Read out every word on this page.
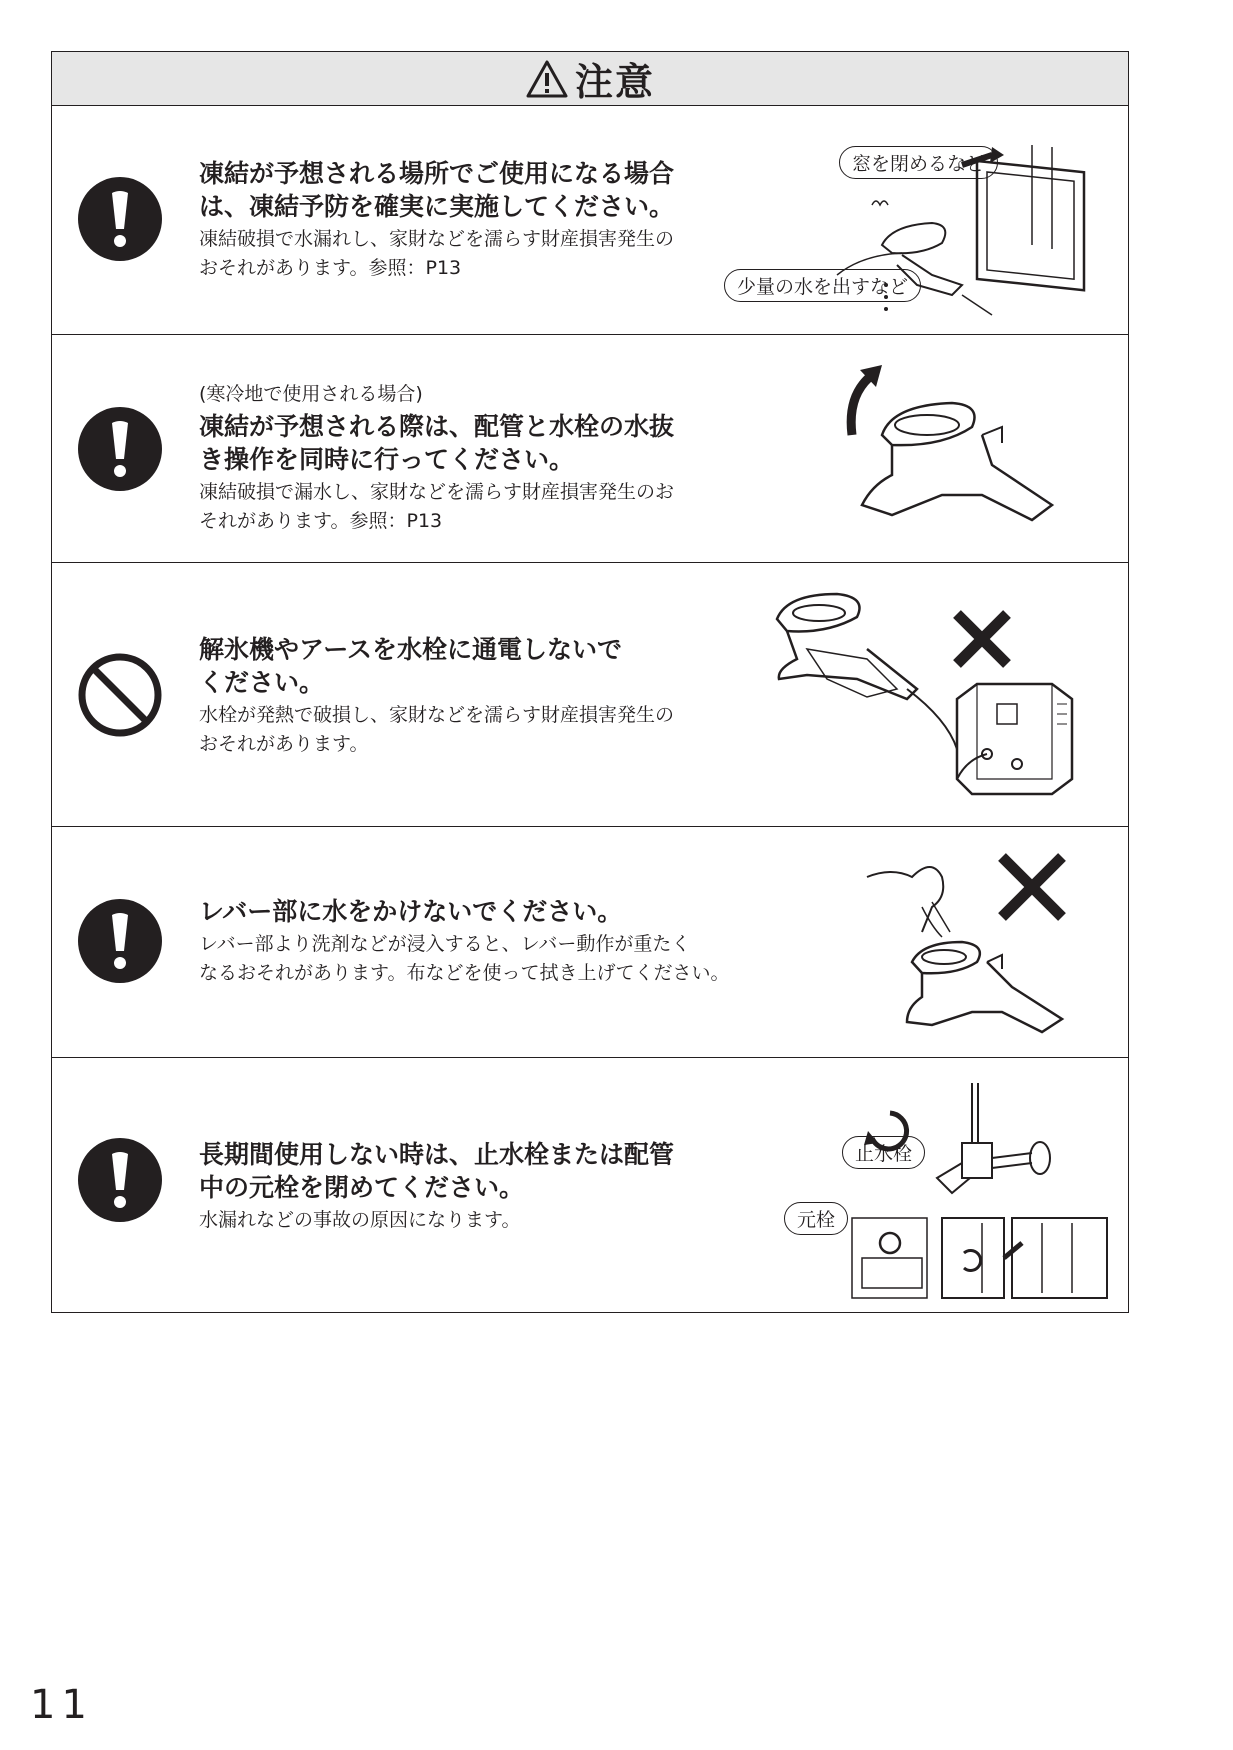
注意
凍結が予想される場所でご使用になる場合
は、凍結予防を確実に実施してください。
凍結破損で水漏れし、家財などを濡らす財産損害発生の
おそれがあります。参照：P13
窓を閉めるなど
少量の水を出すなど
(寒冷地で使用される場合)
凍結が予想される際は、配管と水栓の水抜
き操作を同時に行ってください。
凍結破損で漏水し、家財などを濡らす財産損害発生のお
それがあります。参照：P13
解氷機やアースを水栓に通電しないで
ください。
水栓が発熱で破損し、家財などを濡らす財産損害発生の
おそれがあります。
レバー部に水をかけないでください。
レバー部より洗剤などが浸入すると、レバー動作が重たく
なるおそれがあります。布などを使って拭き上げてください。
長期間使用しない時は、止水栓または配管
中の元栓を閉めてください。
水漏れなどの事故の原因になります。
止水栓
元栓
11
